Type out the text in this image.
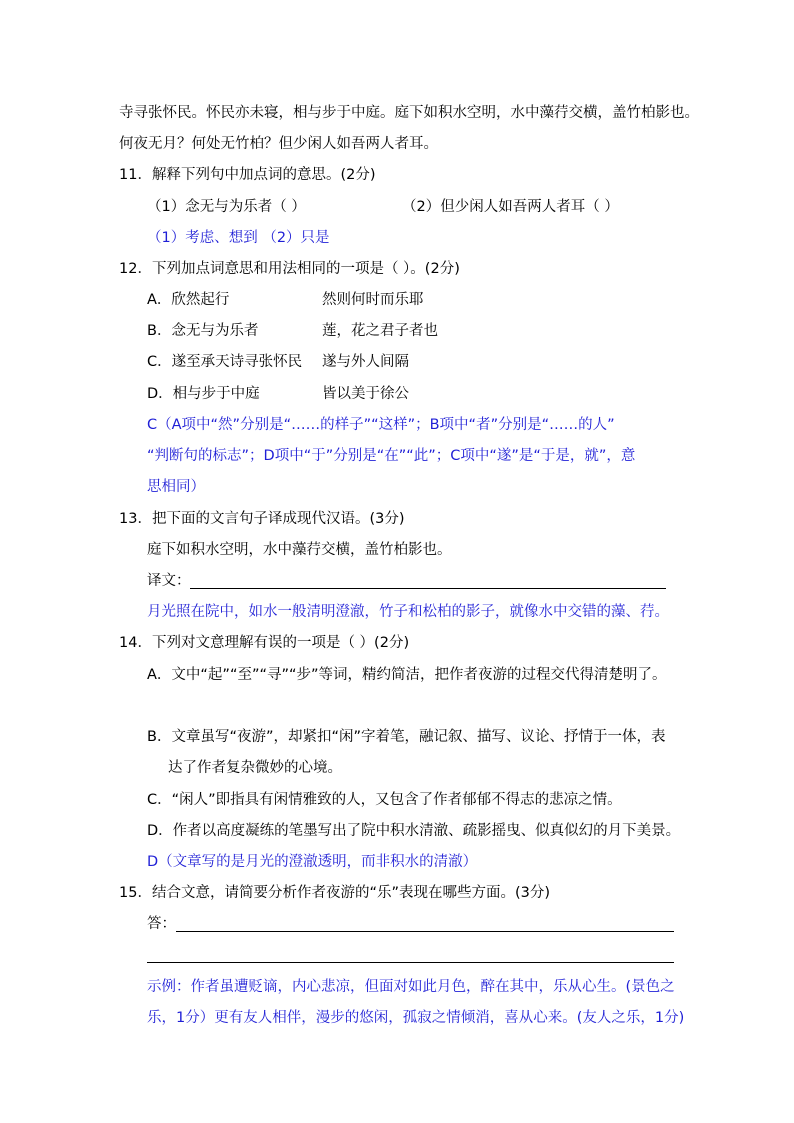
寺寻张怀民。怀民亦未寝，相与步于中庭。庭下如积水空明，水中藻荇交横，盖竹柏影也。
何夜无月？何处无竹柏？但少闲人如吾两人者耳。
11．解释下列句中加点词的意思。(2分)
（1）念无与为乐者（ ）	（2）但少闲人如吾两人者耳（ ）
（1）考虑、想到 （2）只是
12．下列加点词意思和用法相同的一项是（ ）。(2分)
A．欣然起行	然则何时而乐耶
B．念无与为乐者	莲，花之君子者也
C．遂至承天诗寻张怀民 遂与外人间隔
D．相与步于中庭	皆以美于徐公
C（A项中“然”分别是“……的样子”“这样”；B项中“者”分别是“……的人”
“判断句的标志”；D项中“于”分别是“在”“此”；C项中“遂”是“于是，就”，意
思相同）
13．把下面的文言句子译成现代汉语。(3分)
庭下如积水空明，水中藻荇交横，盖竹柏影也。
译文：
月光照在院中，如水一般清明澄澈，竹子和松柏的影子，就像水中交错的藻、荇。
14．下列对文意理解有误的一项是（ ）(2分)
A．文中“起”“至”“寻”“步”等词，精约简洁，把作者夜游的过程交代得清楚明了。
B．文章虽写“夜游”，却紧扣“闲”字着笔，融记叙、描写、议论、抒情于一体，表
达了作者复杂微妙的心境。
C．“闲人”即指具有闲情雅致的人，又包含了作者郁郁不得志的悲凉之情。
D．作者以高度凝练的笔墨写出了院中积水清澈、疏影摇曳、似真似幻的月下美景。
D（文章写的是月光的澄澈透明，而非积水的清澈）
15．结合文意，请简要分析作者夜游的“乐”表现在哪些方面。(3分)
答：
示例：作者虽遭贬谪，内心悲凉，但面对如此月色，醉在其中，乐从心生。(景色之
乐，1分）更有友人相伴，漫步的悠闲，孤寂之情倾消，喜从心来。(友人之乐，1分)
